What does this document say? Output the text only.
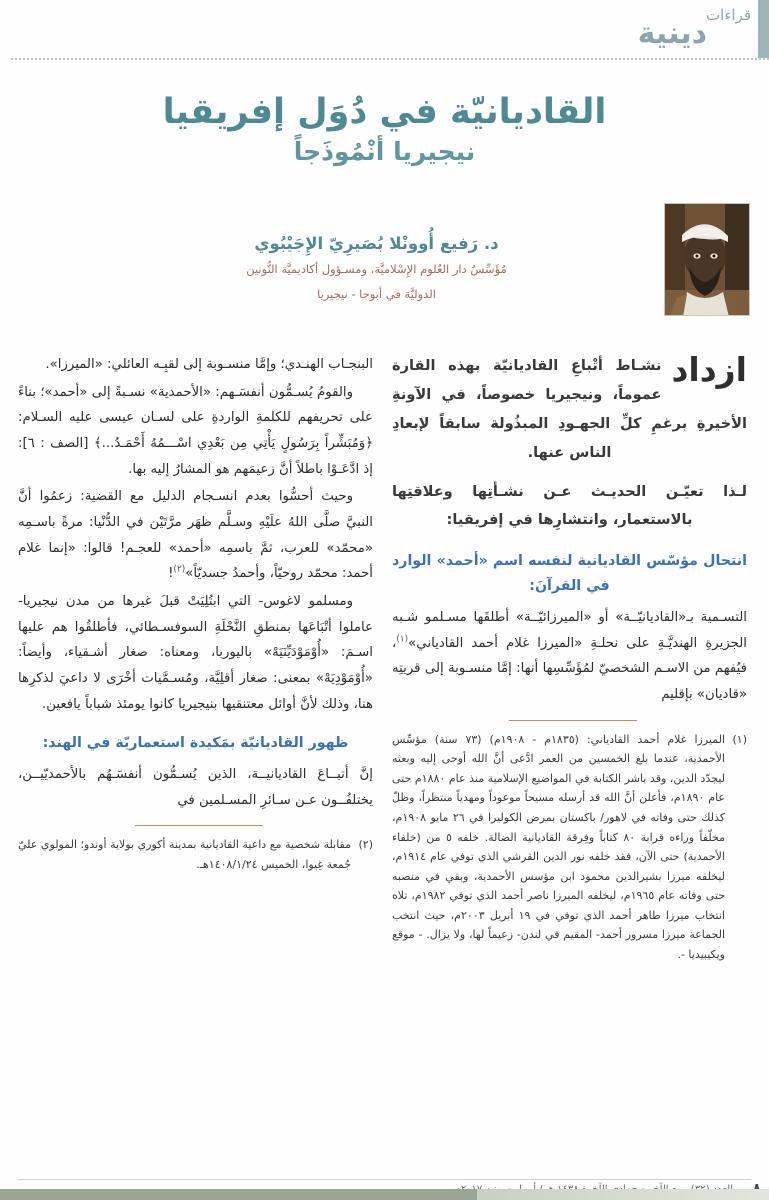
قراءات
دينية
القاديانيّة في دُوَل إفريقيا
نيجيريا أنْمُوذَجاً
د. رَفيع أُوونْلا بُصَيرِيّ الإِجَيْبُوي
مُؤَسِّسُ دار العُلوم الإِسْلاميَّة، ومسـؤول أكاديميَّة النُّونين
الدوليَّة في أبوجا - نيجيريا
ازداد
نشـاط أتْباعِ القاديانيّة بهذه القارة عموماً، ونيجيريا خصوصاً، في الآونةِ الأخيرةِ برغمِ كلِّ الجهـودِ المبذُولة سابقاً لإبعادِ الناس عنها.
لـذا تعيّـن الحديـث عـن نشـأتِها وعلاقتِها بالاستعمار، وانتشارِها في إفريقيا:
انتحال مؤسّس القاديانية لنفسه اسم «أحمد» الوارد في القرآنَ:
التسـمية بـ«القاديانيّــة» أو «الميرزائيّــة» أطلقَها مسـلمو شـبه الجزيرةِ الهنديَّـةِ على نحلـةِ «الميرزا غلام أحمد القادياني»$^{(١)}$، فيُفهم من الاسـم الشخصيّ لمُؤَسِّسِها أنها: إمَّا منسـوبة إلى قريتِه «قاديان» بإقليم
(١)
الميرزا غلام أحمد القادياني: (١٨٣٥م - ١٩٠٨م) (٧٣ سنة) مؤسِّس الأحمدية، عندما بلغ الخمسين من العمر ادَّعى أنَّ الله أوحى إليه وبعثه ليجدّد الدين، وقد باشر الكتابة في المواضيع الإسلامية منذ عام ١٨٨٠م حتى عام ١٨٩٠م، فأعلن أنَّ الله قد أرسله مسيحاً موعوداً ومهدياً منتظراً، وظلّ كذلك حتى وفاته في لاهور/ باكستان بمرض الكوليرا في ٢٦ مايو ١٩٠٨م، مخلّفاً وراءه قرابة ٨٠ كتاباً وفِرقة القاديانية الضالة. خلفه ٥ من (خلفاء الأحمدية) حتى الآن، فقد خلفه نور الدين القرشي الذي توفي عام ١٩١٤م، ليخلفه ميرزا بشيرالدين محمود ابن مؤسس الأحمدية، وبقي في منصبه حتى وفاته عام ١٩٦٥م، ليخلفه الميرزا ناصر أحمد الذي توفي ١٩٨٢م، تلاه انتخاب ميرزا طاهر أحمد الذي توفي في ١٩ أبريل ٢٠٠٣م، حيث انتخب الجماعة ميرزا مسرور أحمد- المقيم في لندن- زعيماً لها، ولا يزال. - موقع ويكيبيديا -.
البنجـاب الهنـدي؛ وإمَّا منسـوبة إلى لقبِـه العائلي: «الميرزا».
والقومُ يُسـمُّون أنفسَـهم: «الأحمدية» نسـبةً إلى «أحمد»؛ بناءً على تحريفهم للكلمةِ الواردةِ على لسـان عيسى عليه السـلام: ﴿وَمُبَشِّراً بِرَسُولٍ يَأْتِي مِن بَعْدِي اسْـــمُهُ أَحْمَـدُ...﴾ [الصف : ٦]: إذ ادَّعَـوْا باطلاً أنَّ زعيمَهم هو المشارُ إليه بها.
وحيث أحسُّوا بعدم انسـجام الدليل مع القضية: زعمُوا أنَّ النبيَّ صلَّى اللهُ علَيْهِ وسـلَّم ظهَر مرَّتَيْن في الدُّنْيا: مرةً باسـمِه «محمّد» للعرب، ثمَّ باسمِه «أحمد» للعجـم! قالوا: «إنما غلام أحمد: محمّد روحيّاً، وأحمدُ جسديّاً»$^{(٢)}$!
ومسلمو لاغوس- التي ابتُلِيَتْ قبلَ غيرها من مدن نيجيريا- عاملوا أتْبَاعَها بمنطقِ النَّحْلَةِ السوفسـطائي، فأطلقُوا هم عليها اسـمَ: «أُوْمَوْدَيِّنَيَهْ» باليوربا، ومعناه: صغار أشـقياء، وأيضاً: «أُوْمَوْدِيَهْ» بمعنى: صغار أقلِيَّة، ومُسـمَّيات أخْرَى لا داعيَ لذكرِها هنا، وذلك لأنَّ أوائل معتنقيها بنيجيريا كانوا يومئذ شباباً يافعين.
ظهور القاديانيّة بمَكيدة استعماريّة في الهند:
إنَّ أتبــاعَ القاديانيــة، الذين يُسـمُّون أنفسَـهُم بالأحمديّيــن، يختلفُــون عـن سـائرِ المسـلمين في
(٢)
مقابلة شخصية مع داعية القاديانية بمدينة أكوري بولاية أوندو؛ المولوي عليّ جُمعة غِيوا، الخميس ١٤٠٨/١/٢٤هـ.
